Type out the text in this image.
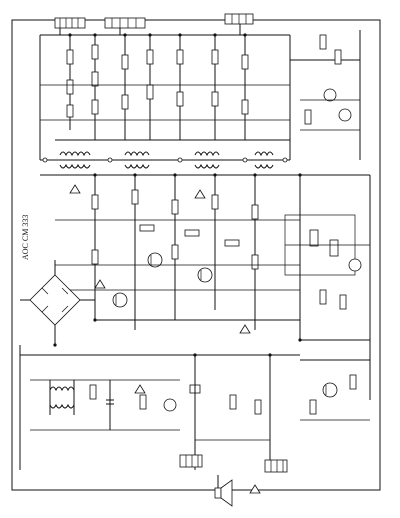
AOC CM 333
